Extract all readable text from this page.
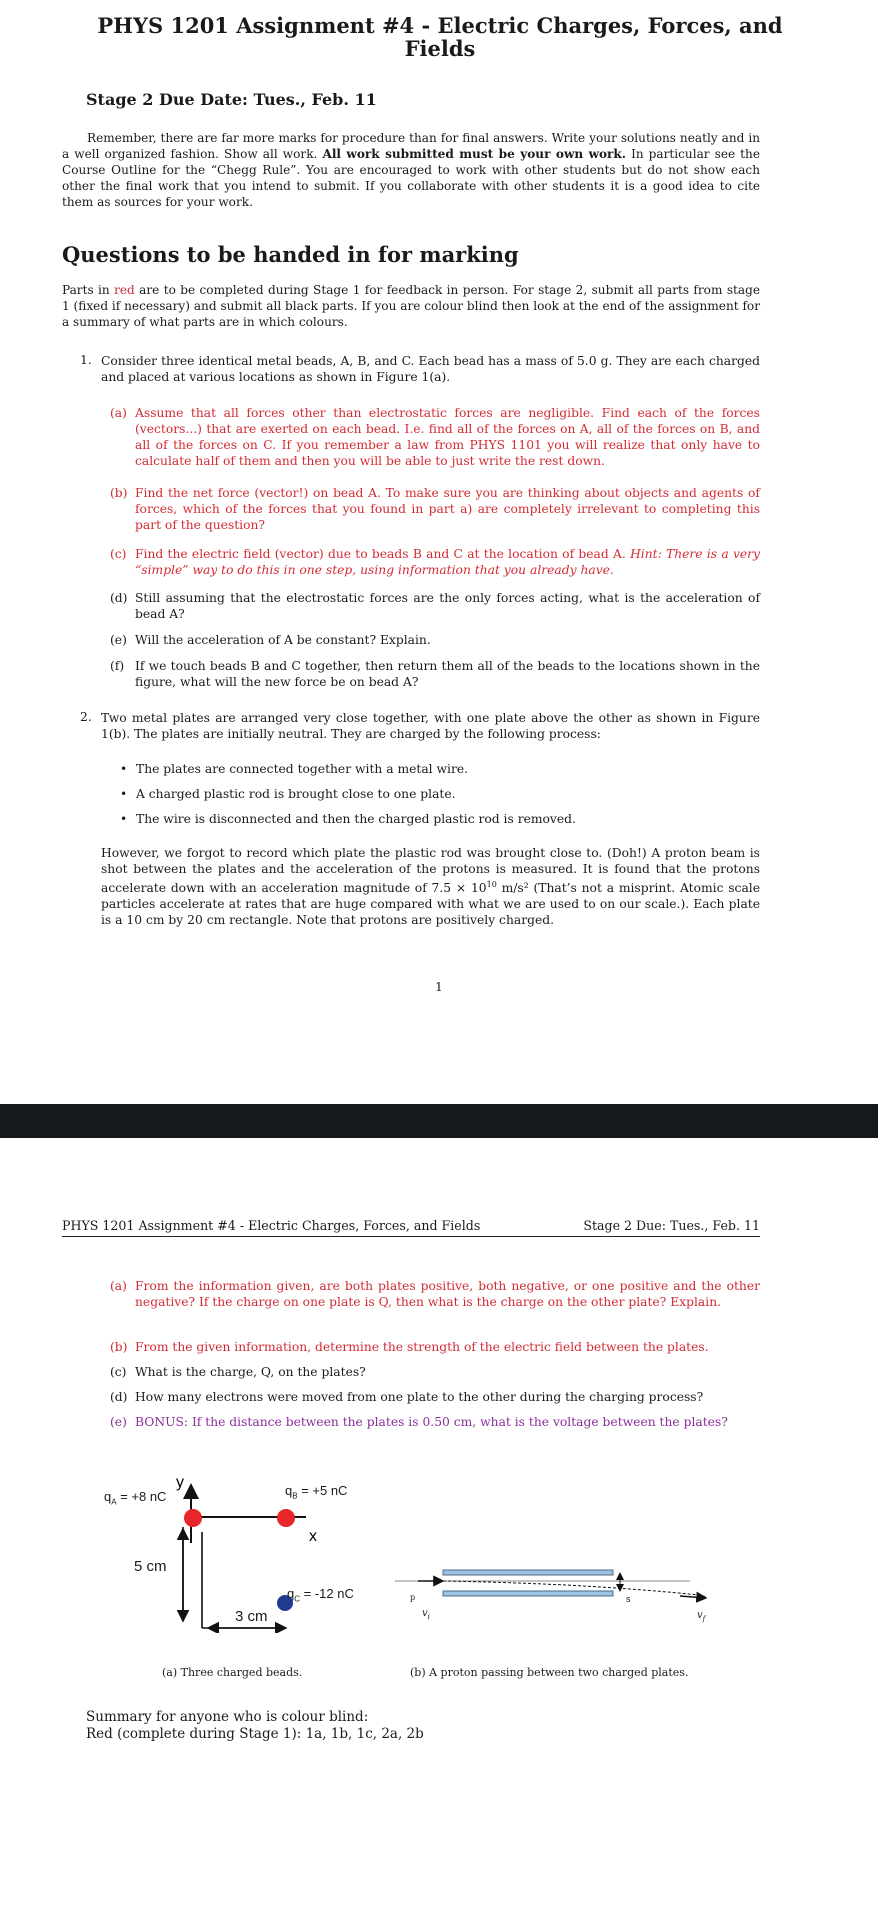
PHYS 1201 Assignment #4 - Electric Charges, Forces, and
Fields
Stage 2 Due Date: Tues., Feb. 11
Remember, there are far more marks for procedure than for final answers. Write your solutions neatly and in a well organized fashion. Show all work. All work submitted must be your own work. In particular see the Course Outline for the “Chegg Rule”. You are encouraged to work with other students but do not show each other the final work that you intend to submit. If you collaborate with other students it is a good idea to cite them as sources for your work.
Questions to be handed in for marking
Parts in red are to be completed during Stage 1 for feedback in person. For stage 2, submit all parts from stage 1 (fixed if necessary) and submit all black parts. If you are colour blind then look at the end of the assignment for a summary of what parts are in which colours.
1. Consider three identical metal beads, A, B, and C. Each bead has a mass of 5.0 g. They are each charged and placed at various locations as shown in Figure 1(a).
(a) Assume that all forces other than electrostatic forces are negligible. Find each of the forces (vectors...) that are exerted on each bead. I.e. find all of the forces on A, all of the forces on B, and all of the forces on C. If you remember a law from PHYS 1101 you will realize that only have to calculate half of them and then you will be able to just write the rest down.
(b) Find the net force (vector!) on bead A. To make sure you are thinking about objects and agents of forces, which of the forces that you found in part a) are completely irrelevant to completing this part of the question?
(c) Find the electric field (vector) due to beads B and C at the location of bead A. Hint: There is a very “simple” way to do this in one step, using information that you already have.
(d) Still assuming that the electrostatic forces are the only forces acting, what is the acceleration of bead A?
(e) Will the acceleration of A be constant? Explain.
(f) If we touch beads B and C together, then return them all of the beads to the locations shown in the figure, what will the new force be on bead A?
2. Two metal plates are arranged very close together, with one plate above the other as shown in Figure 1(b). The plates are initially neutral. They are charged by the following process:
• The plates are connected together with a metal wire.
• A charged plastic rod is brought close to one plate.
• The wire is disconnected and then the charged plastic rod is removed.
However, we forgot to record which plate the plastic rod was brought close to. (Doh!) A proton beam is shot between the plates and the acceleration of the protons is measured. It is found that the protons accelerate down with an acceleration magnitude of $7.5 \times 10^{10}$ m/s² (That’s not a misprint. Atomic scale particles accelerate at rates that are huge compared with what we are used to on our scale.). Each plate is a 10 cm by 20 cm rectangle. Note that protons are positively charged.
1
PHYS 1201 Assignment #4 - Electric Charges, Forces, and Fields	Stage 2 Due: Tues., Feb. 11
(a) From the information given, are both plates positive, both negative, or one positive and the other negative? If the charge on one plate is Q, then what is the charge on the other plate? Explain.
(b) From the given information, determine the strength of the electric field between the plates.
(c) What is the charge, Q, on the plates?
(d) How many electrons were moved from one plate to the other during the charging process?
(e) BONUS: If the distance between the plates is 0.50 cm, what is the voltage between the plates?
y
x
$q_A = +8$ nC	$q_B = +5$ nC
$q_C = -12$ nC
5 cm
3 cm
p
$v_i$	$v_f$
s
(a) Three charged beads.	(b) A proton passing between two charged plates.
Summary for anyone who is colour blind:
Red (complete during Stage 1): 1a, 1b, 1c, 2a, 2b
